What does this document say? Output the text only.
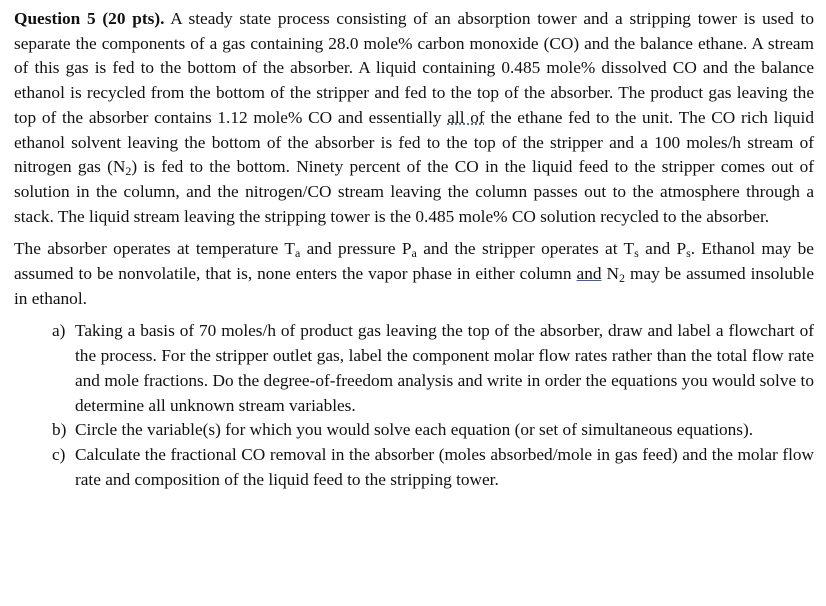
Question 5 (20 pts). A steady state process consisting of an absorption tower and a stripping tower is used to separate the components of a gas containing 28.0 mole% carbon monoxide (CO) and the balance ethane. A stream of this gas is fed to the bottom of the absorber. A liquid containing 0.485 mole% dissolved CO and the balance ethanol is recycled from the bottom of the stripper and fed to the top of the absorber. The product gas leaving the top of the absorber contains 1.12 mole% CO and essentially all of the ethane fed to the unit. The CO rich liquid ethanol solvent leaving the bottom of the absorber is fed to the top of the stripper and a 100 moles/h stream of nitrogen gas $(N_2)$ is fed to the bottom. Ninety percent of the CO in the liquid feed to the stripper comes out of solution in the column, and the nitrogen/CO stream leaving the column passes out to the atmosphere through a stack. The liquid stream leaving the stripping tower is the 0.485 mole% CO solution recycled to the absorber.

The absorber operates at temperature $T_a$ and pressure $P_a$ and the stripper operates at $T_s$ and $P_s$. Ethanol may be assumed to be nonvolatile, that is, none enters the vapor phase in either column and $N_2$ may be assumed insoluble in ethanol.

a) Taking a basis of 70 moles/h of product gas leaving the top of the absorber, draw and label a flowchart of the process. For the stripper outlet gas, label the component molar flow rates rather than the total flow rate and mole fractions. Do the degree-of-freedom analysis and write in order the equations you would solve to determine all unknown stream variables.
b) Circle the variable(s) for which you would solve each equation (or set of simultaneous equations).
c) Calculate the fractional CO removal in the absorber (moles absorbed/mole in gas feed) and the molar flow rate and composition of the liquid feed to the stripping tower.
